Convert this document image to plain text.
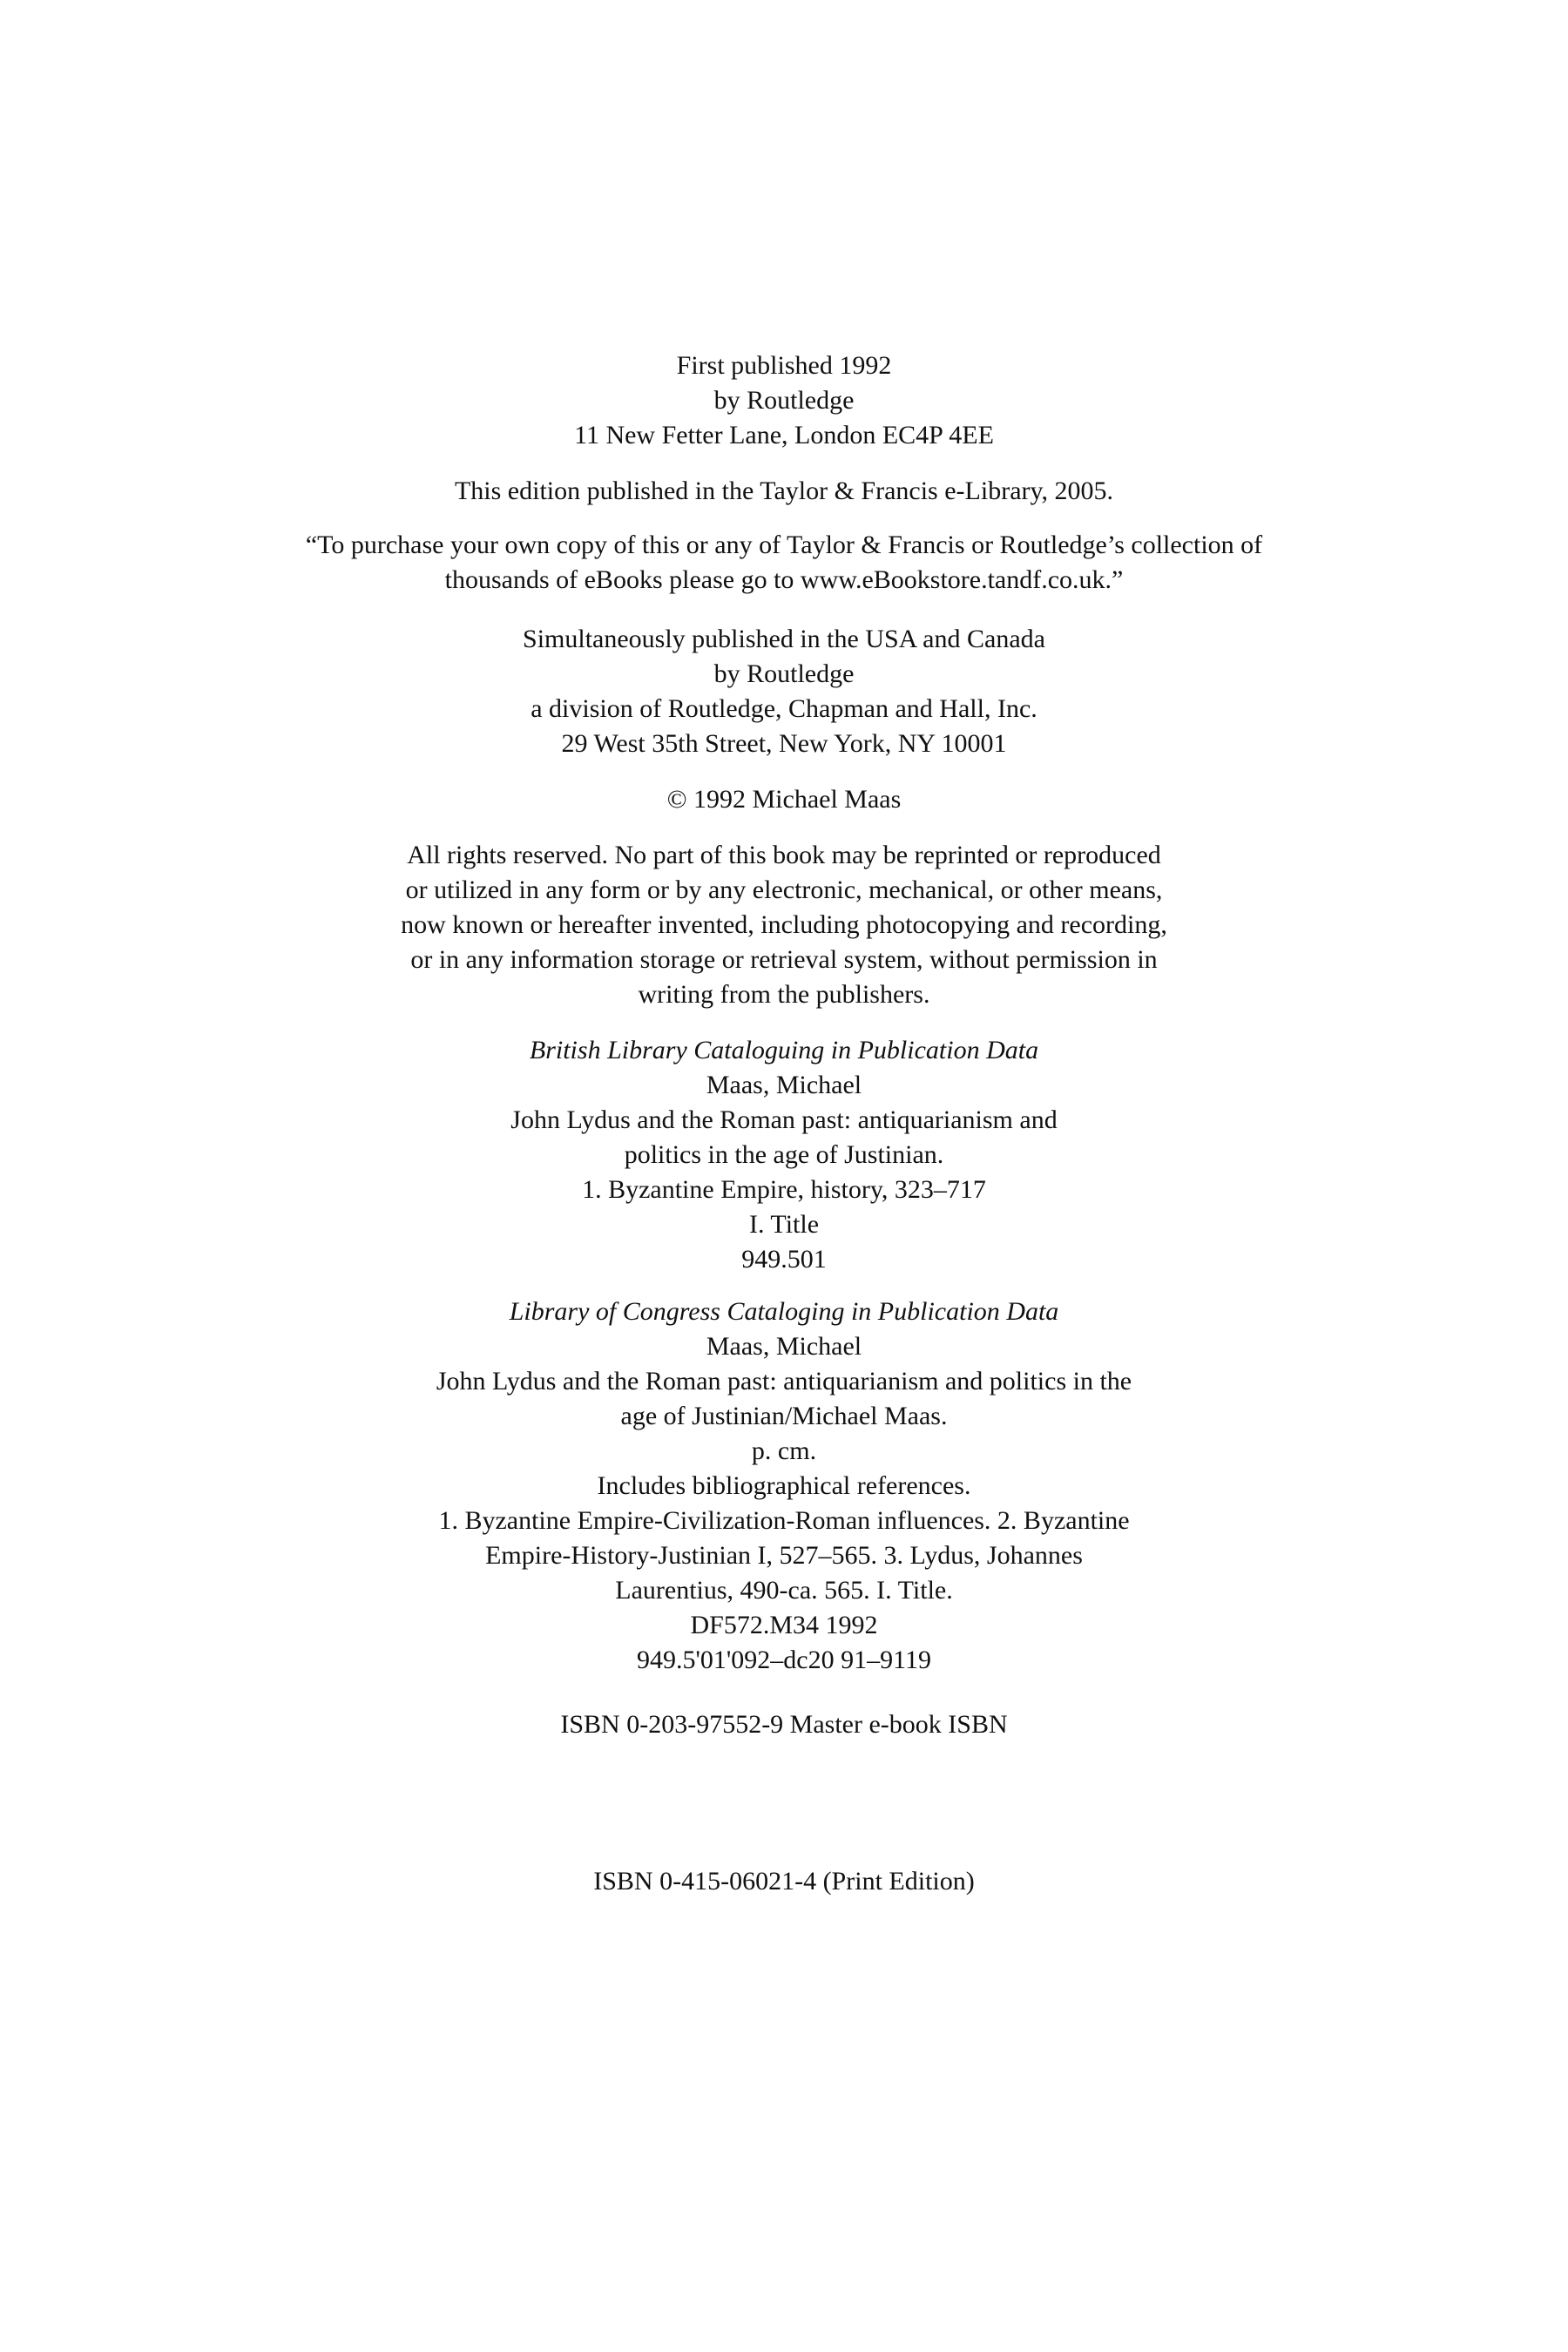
First published 1992
by Routledge
11 New Fetter Lane, London EC4P 4EE
This edition published in the Taylor & Francis e-Library, 2005.
“To purchase your own copy of this or any of Taylor & Francis or Routledge’s collection of
thousands of eBooks please go to www.eBookstore.tandf.co.uk.”
Simultaneously published in the USA and Canada
by Routledge
a division of Routledge, Chapman and Hall, Inc.
29 West 35th Street, New York, NY 10001
© 1992 Michael Maas
All rights reserved. No part of this book may be reprinted or reproduced
or utilized in any form or by any electronic, mechanical, or other means,
now known or hereafter invented, including photocopying and recording,
or in any information storage or retrieval system, without permission in
writing from the publishers.
British Library Cataloguing in Publication Data
Maas, Michael
John Lydus and the Roman past: antiquarianism and
politics in the age of Justinian.
1. Byzantine Empire, history, 323–717
I. Title
949.501
Library of Congress Cataloging in Publication Data
Maas, Michael
John Lydus and the Roman past: antiquarianism and politics in the
age of Justinian/Michael Maas.
p. cm.
Includes bibliographical references.
1. Byzantine Empire-Civilization-Roman influences. 2. Byzantine
Empire-History-Justinian I, 527–565. 3. Lydus, Johannes
Laurentius, 490-ca. 565. I. Title.
DF572.M34 1992
949.5'01'092–dc20 91–9119
ISBN 0-203-97552-9 Master e-book ISBN
ISBN 0-415-06021-4 (Print Edition)
